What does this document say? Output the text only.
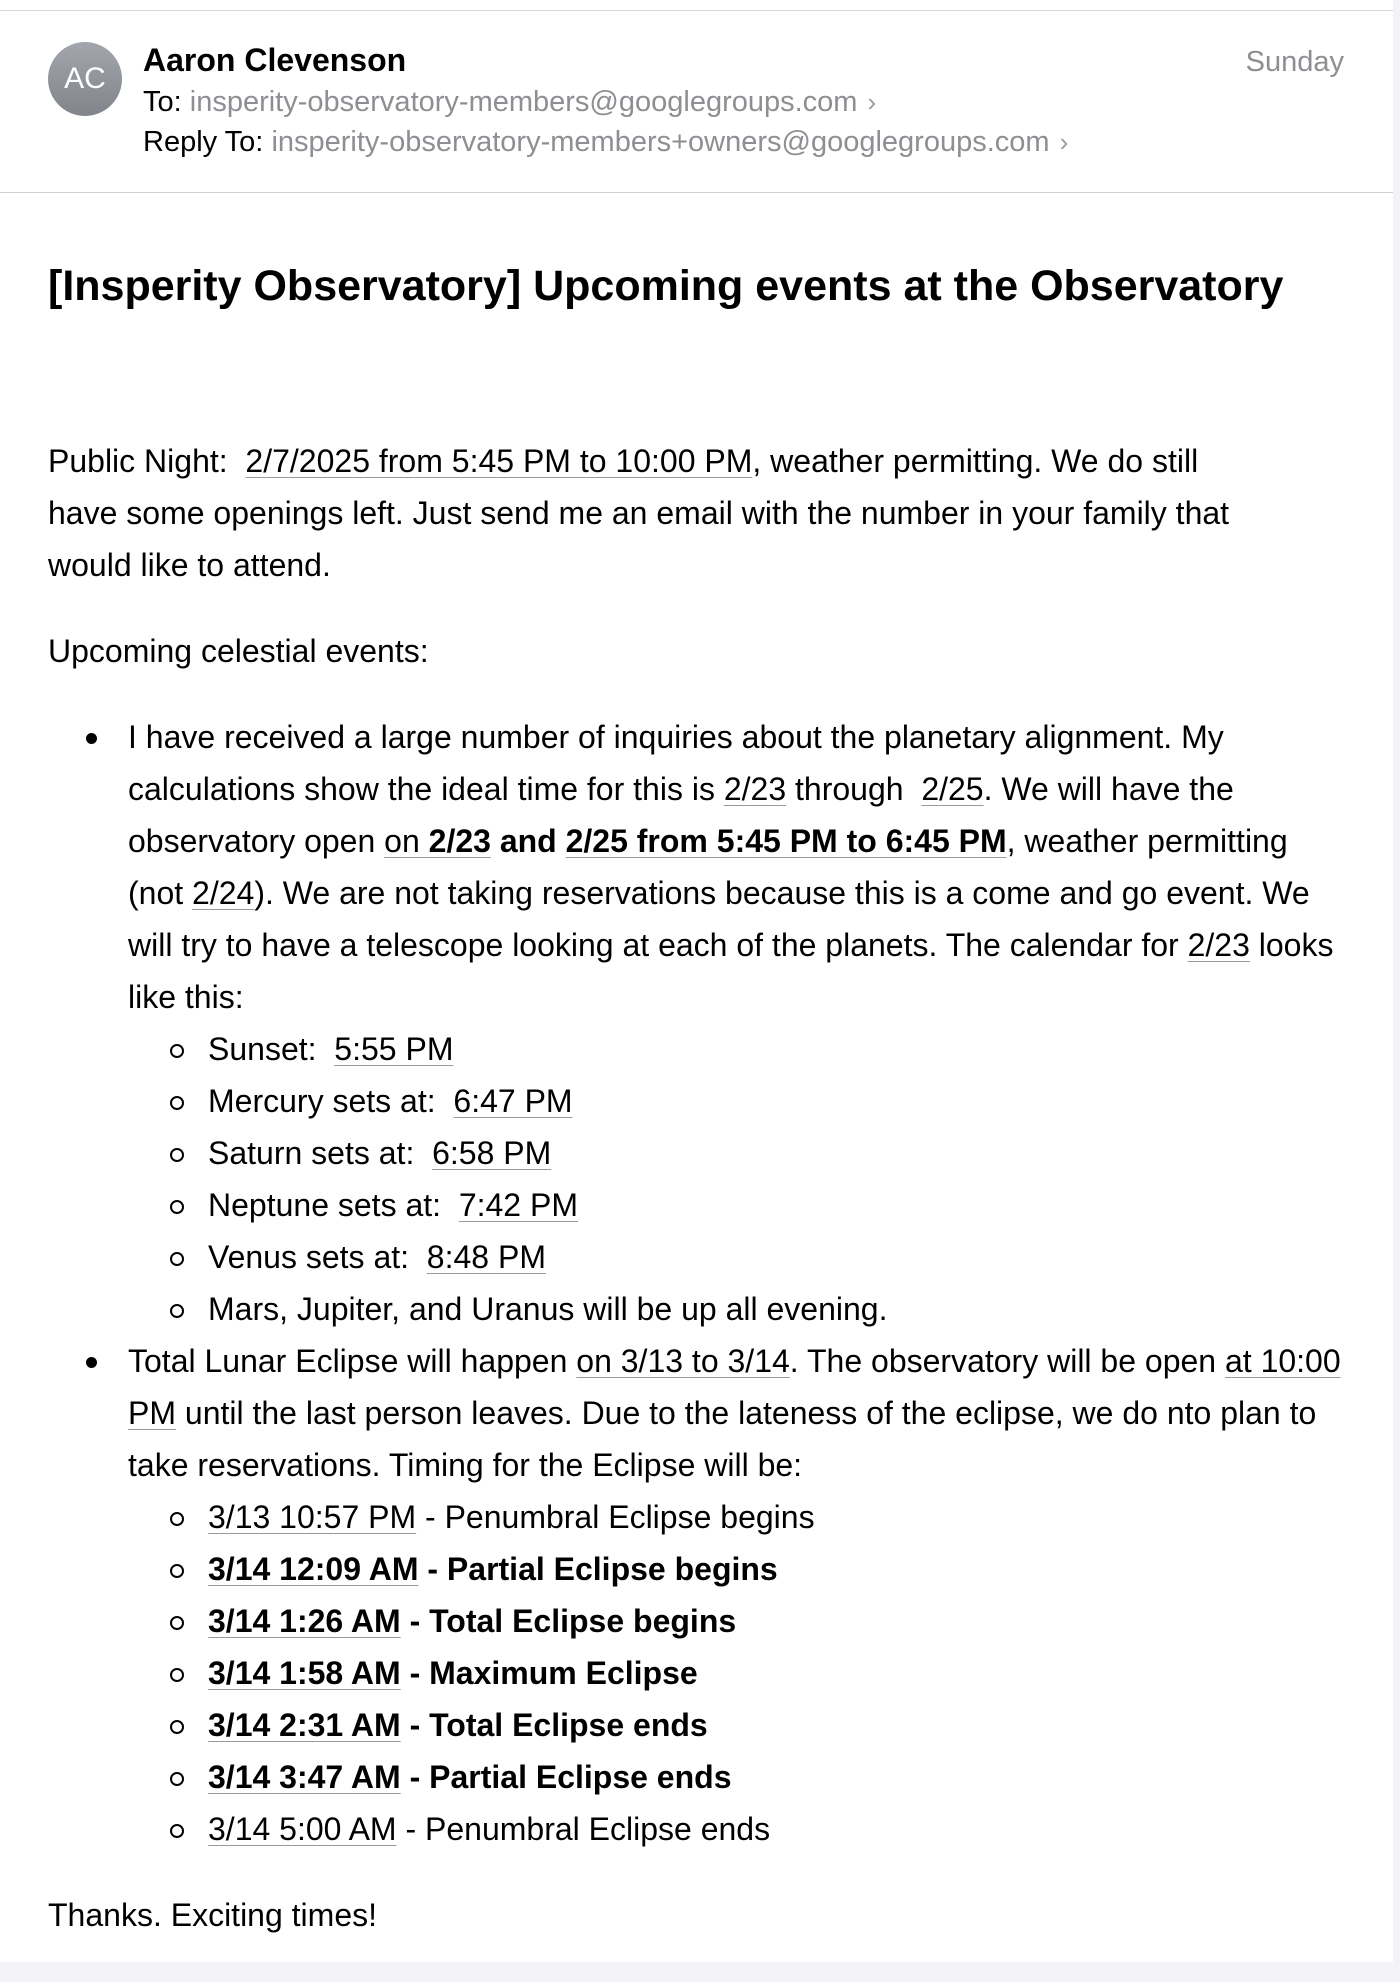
AC
Aaron Clevenson	Sunday
To: insperity-observatory-members@googlegroups.com ›
Reply To: insperity-observatory-members+owners@googlegroups.com ›
[Insperity Observatory] Upcoming events at the Observatory

Public Night:  2/7/2025 from 5:45 PM to 10:00 PM, weather permitting. We do still
have some openings left. Just send me an email with the number in your family that
would like to attend.

Upcoming celestial events:

I have received a large number of inquiries about the planetary alignment. My calculations show the ideal time for this is 2/23 through  2/25. We will have the observatory open on 2/23 and 2/25 from 5:45 PM to 6:45 PM, weather permitting (not 2/24). We are not taking reservations because this is a come and go event. We will try to have a telescope looking at each of the planets. The calendar for 2/23 looks like this:
Sunset:  5:55 PM
Mercury sets at:  6:47 PM
Saturn sets at:  6:58 PM
Neptune sets at:  7:42 PM
Venus sets at:  8:48 PM
Mars, Jupiter, and Uranus will be up all evening.
Total Lunar Eclipse will happen on 3/13 to 3/14. The observatory will be open at 10:00 PM until the last person leaves. Due to the lateness of the eclipse, we do nto plan to take reservations. Timing for the Eclipse will be:
3/13 10:57 PM - Penumbral Eclipse begins
3/14 12:09 AM - Partial Eclipse begins
3/14 1:26 AM - Total Eclipse begins
3/14 1:58 AM - Maximum Eclipse
3/14 2:31 AM - Total Eclipse ends
3/14 3:47 AM - Partial Eclipse ends
3/14 5:00 AM - Penumbral Eclipse ends

Thanks. Exciting times!
